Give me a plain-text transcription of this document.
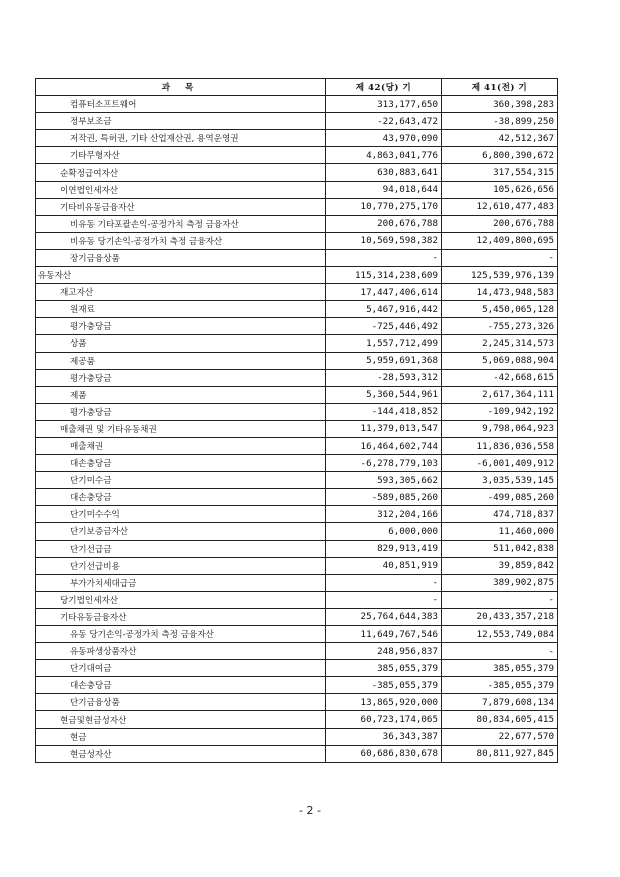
과 목	제 42(당) 기	제 41(전) 기
컴퓨터소프트웨어	313,177,650	360,398,283
정부보조금	-22,643,472	-38,899,250
저작권, 특허권, 기타 산업재산권, 용역운영권	43,970,090	42,512,367
기타무형자산	4,863,041,776	6,800,390,672
순확정급여자산	630,883,641	317,554,315
이연법인세자산	94,018,644	105,626,656
기타비유동금융자산	10,770,275,170	12,610,477,483
비유동 기타포괄손익-공정가치 측정 금융자산	200,676,788	200,676,788
비유동 당기손익-공정가치 측정 금융자산	10,569,598,382	12,409,800,695
장기금융상품	-	-
유동자산	115,314,238,609	125,539,976,139
재고자산	17,447,406,614	14,473,948,583
원재료	5,467,916,442	5,450,065,128
평가충당금	-725,446,492	-755,273,326
상품	1,557,712,499	2,245,314,573
제공품	5,959,691,368	5,069,088,904
평가충당금	-28,593,312	-42,668,615
제품	5,360,544,961	2,617,364,111
평가충당금	-144,418,852	-109,942,192
매출채권 및 기타유동채권	11,379,013,547	9,798,064,923
매출채권	16,464,602,744	11,836,036,558
대손충당금	-6,278,779,103	-6,001,409,912
단기미수금	593,305,662	3,035,539,145
대손충당금	-589,085,260	-499,085,260
단기미수수익	312,204,166	474,718,837
단기보증금자산	6,000,000	11,460,000
단기선급금	829,913,419	511,042,838
단기선급비용	40,851,919	39,859,842
부가가치세대급금	-	389,902,875
당기법인세자산	-	-
기타유동금융자산	25,764,644,383	20,433,357,218
유동 당기손익-공정가치 측정 금융자산	11,649,767,546	12,553,749,084
유동파생상품자산	248,956,837	-
단기대여금	385,055,379	385,055,379
대손충당금	-385,055,379	-385,055,379
단기금융상품	13,865,920,000	7,879,608,134
현금및현금성자산	60,723,174,065	80,834,605,415
현금	36,343,387	22,677,570
현금성자산	60,686,830,678	80,811,927,845
- 2 -
